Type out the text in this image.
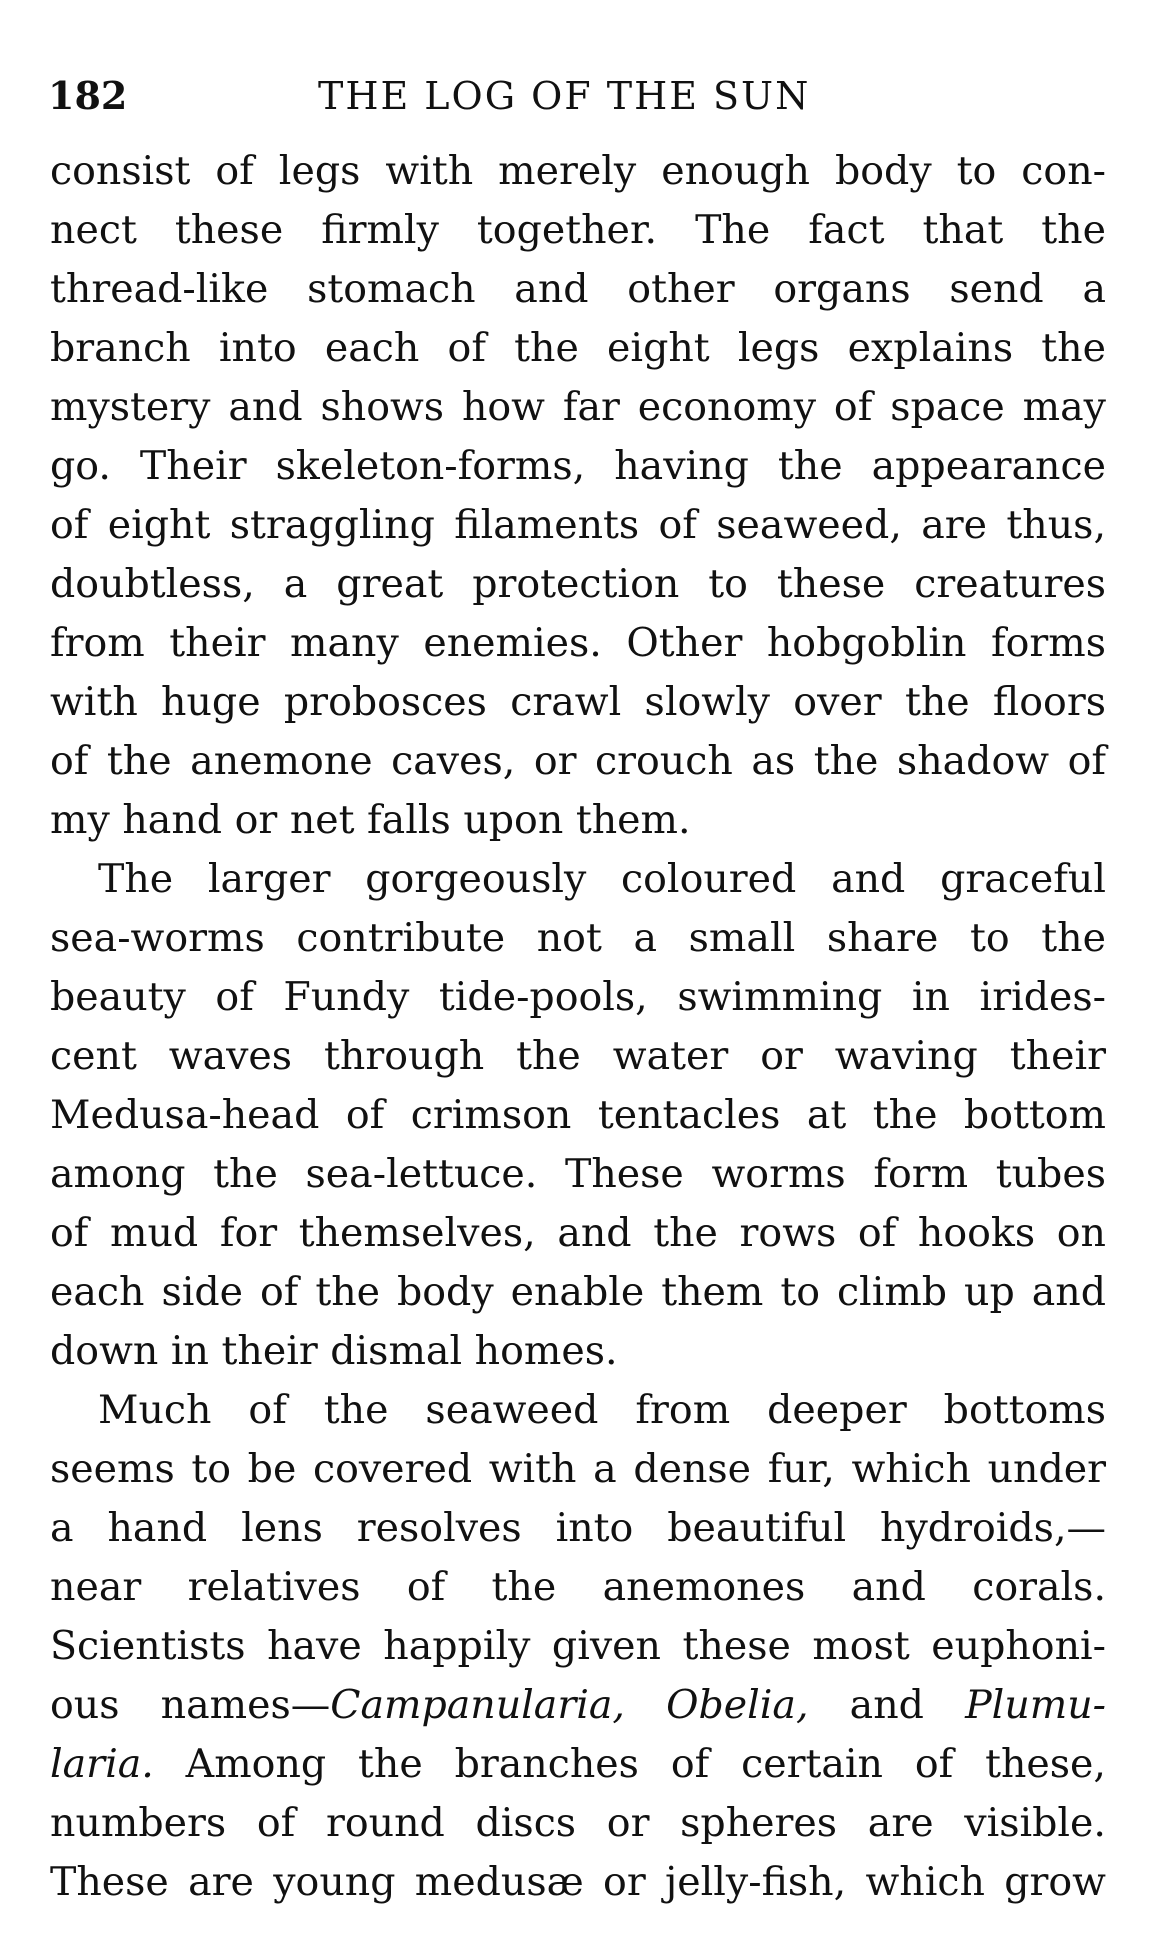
182	THE LOG OF THE SUN
consist of legs with merely enough body to con-
nect these firmly together. The fact that the
thread-like stomach and other organs send a
branch into each of the eight legs explains the
mystery and shows how far economy of space may
go. Their skeleton-forms, having the appearance
of eight straggling filaments of seaweed, are thus,
doubtless, a great protection to these creatures
from their many enemies. Other hobgoblin forms
with huge probosces crawl slowly over the floors
of the anemone caves, or crouch as the shadow of
my hand or net falls upon them.
The larger gorgeously coloured and graceful
sea-worms contribute not a small share to the
beauty of Fundy tide-pools, swimming in irides-
cent waves through the water or waving their
Medusa-head of crimson tentacles at the bottom
among the sea-lettuce. These worms form tubes
of mud for themselves, and the rows of hooks on
each side of the body enable them to climb up and
down in their dismal homes.
Much of the seaweed from deeper bottoms
seems to be covered with a dense fur, which under
a hand lens resolves into beautiful hydroids,—
near relatives of the anemones and corals.
Scientists have happily given these most euphoni-
ous names—Campanularia, Obelia, and Plumu-
laria. Among the branches of certain of these,
numbers of round discs or spheres are visible.
These are young medusæ or jelly-fish, which grow
